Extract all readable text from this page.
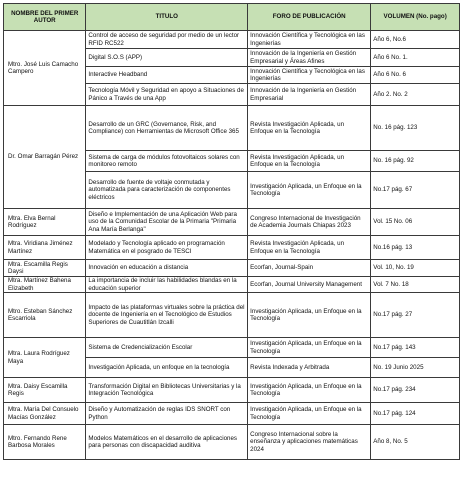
NOMBRE DEL PRIMER AUTOR	TITULO	FORO DE PUBLICACIÓN	VOLUMEN (No. pago)

Mtro. José Luis Camacho Campero	Control de acceso de seguridad por medio de un lector RFID RC522	Innovación Científica y Tecnológica en las Ingenierías	Año 6, No.6
	Digital S.O.S (APP)	Innovación de la Ingeniería en Gestión Empresarial y Áreas Afines	Año 6 No. 1.
	Interactive Headband	Innovación Científica y Tecnológica en las Ingenierías	Año 6 No. 6
	Tecnología Móvil y Seguridad en apoyo a Situaciones de Pánico a Través de una App	Innovación de la Ingeniería en Gestión Empresarial	Año 2. No. 2

Dr. Omar Barragán Pérez	Desarrollo de un GRC (Governance, Risk, and Compliance) con Herramientas de Microsoft Office 365	Revista Investigación Aplicada, un Enfoque en la Tecnología	No. 16 pág. 123
	Sistema de carga de módulos fotovoltaicos solares con monitoreo remoto	Revista Investigación Aplicada, un Enfoque en la Tecnología	No. 16 pág. 92
	Desarrollo de fuente de voltaje conmutada y automatizada para caracterización de componentes eléctricos	Investigación Aplicada, un Enfoque en la Tecnología	No.17 pág. 67

Mtra. Elva Bernal Rodríguez	Diseño e Implementación de una Aplicación Web para uso de la Comunidad Escolar de la Primaria "Primaria Ana María Berlanga"	Congreso Internacional de Investigación de Academia Journals Chiapas 2023	Vol. 15 No. 06

Mtra. Viridiana Jiménez Martínez	Modelado y Tecnología aplicado en programación Matemática en el posgrado de TESCI	Revista Investigación Aplicada, un Enfoque en la Tecnología	No.16 pág. 13

Mtra. Escamilla Regis Daysi	Innovación en educación a distancia	Ecorfan, Journal-Spain	Vol. 10, No. 19

Mtra. Martínez Bahena Elizabeth	La importancia de incluir las habilidades blandas en la educación superior	Ecorfan, Journal University Management	Vol. 7 No. 18

Mtro. Esteban Sánchez Escarriola	Impacto de las plataformas virtuales sobre la práctica del docente de Ingeniería en el Tecnológico de Estudios Superiores de Cuautitlán Izcalli	Investigación Aplicada, un Enfoque en la Tecnología	No.17 pág. 27

Mtra. Laura Rodríguez Maya	Sistema de Credencialización Escolar	Investigación Aplicada, un Enfoque en la Tecnología	No.17 pág. 143
	Investigación Aplicada, un enfoque en la tecnología	Revista Indexada y Arbitrada	No. 19 Junio 2025

Mtra. Daisy Escamilla Regis	Transformación Digital en Bibliotecas Universitarias y la Integración Tecnológica	Investigación Aplicada, un Enfoque en la Tecnología	No.17 pág. 234

Mtra. María Del Consuelo Macías González	Diseño y Automatización de reglas IDS SNORT con Python	Investigación Aplicada, un Enfoque en la Tecnología	No.17 pág. 124

Mtro. Fernando Rene Barbosa Morales	Modelos Matemáticos en el desarrollo de aplicaciones para personas con discapacidad auditiva	Congreso Internacional sobre la enseñanza y aplicaciones matemáticas 2024	Año 8, No. 5
